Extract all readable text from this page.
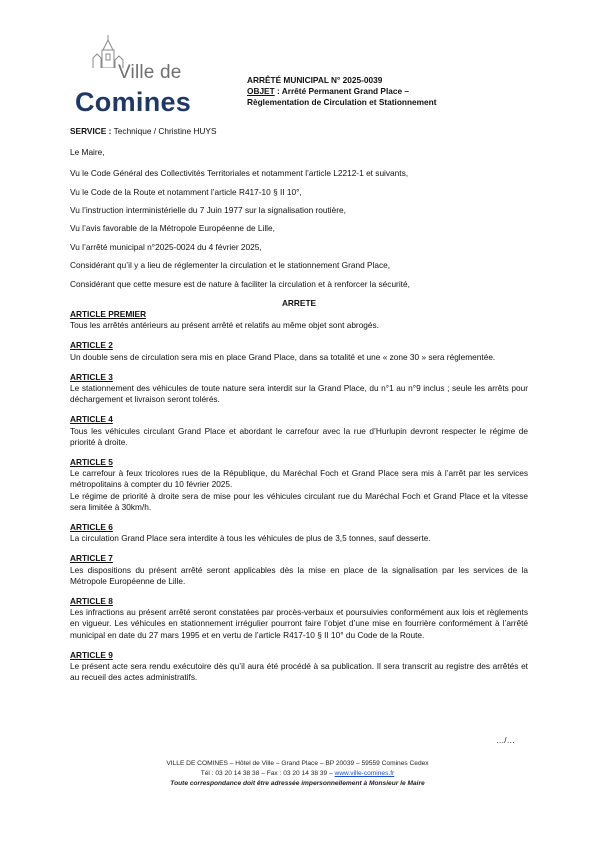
Ville de
Comines
ARRÊTÉ MUNICIPAL N° 2025-0039
OBJET : Arrêté Permanent Grand Place –
Règlementation de Circulation et Stationnement
SERVICE : Technique / Christine HUYS

Le Maire,

Vu le Code Général des Collectivités Territoriales et notamment l’article L2212-1 et suivants,

Vu le Code de la Route et notamment l’article R417-10 § II 10°,

Vu l’instruction interministérielle du 7 Juin 1977 sur la signalisation routière,

Vu l’avis favorable de la Métropole Européenne de Lille,

Vu l’arrêté municipal n°2025-0024 du 4 février 2025,

Considérant qu’il y a lieu de réglementer la circulation et le stationnement Grand Place,

Considérant que cette mesure est de nature à faciliter la circulation et à renforcer la sécurité,

ARRETE
ARTICLE PREMIER
Tous les arrêtés antérieurs au présent arrêté et relatifs au même objet sont abrogés.
ARTICLE 2
Un double sens de circulation sera mis en place Grand Place, dans sa totalité et une « zone 30 » sera réglementée.
ARTICLE 3
Le stationnement des véhicules de toute nature sera interdit sur la Grand Place, du n°1 au n°9 inclus ; seule les arrêts pour déchargement et livraison seront tolérés.
ARTICLE 4
Tous les véhicules circulant Grand Place et abordant le carrefour avec la rue d’Hurlupin devront respecter le régime de priorité à droite.
ARTICLE 5
Le carrefour à feux tricolores rues de la République, du Maréchal Foch et Grand Place sera mis à l’arrêt par les services métropolitains à compter du 10 février 2025.
Le régime de priorité à droite sera de mise pour les véhicules circulant rue du Maréchal Foch et Grand Place et la vitesse sera limitée à 30km/h.
ARTICLE 6
La circulation Grand Place sera interdite à tous les véhicules de plus de 3,5 tonnes, sauf desserte.
ARTICLE 7
Les dispositions du présent arrêté seront applicables dès la mise en place de la signalisation par les services de la Métropole Européenne de Lille.
ARTICLE 8
Les infractions au présent arrêté seront constatées par procès-verbaux et poursuivies conformément aux lois et règlements en vigueur. Les véhicules en stationnement irrégulier pourront faire l’objet d’une mise en fourrière conformément à l’arrêté municipal en date du 27 mars 1995 et en vertu de l’article R417-10 § II 10° du Code de la Route.
ARTICLE 9
Le présent acte sera rendu exécutoire dès qu’il aura été procédé à sa publication. Il sera transcrit au registre des arrêtés et au recueil des actes administratifs.
…/…
VILLE DE COMINES – Hôtel de Ville – Grand Place – BP 20039 – 59559 Comines Cedex
Tél : 03 20 14 38 38 – Fax : 03 20 14 38 39 – www.ville-comines.fr
Toute correspondance doit être adressée impersonnellement à Monsieur le Maire
